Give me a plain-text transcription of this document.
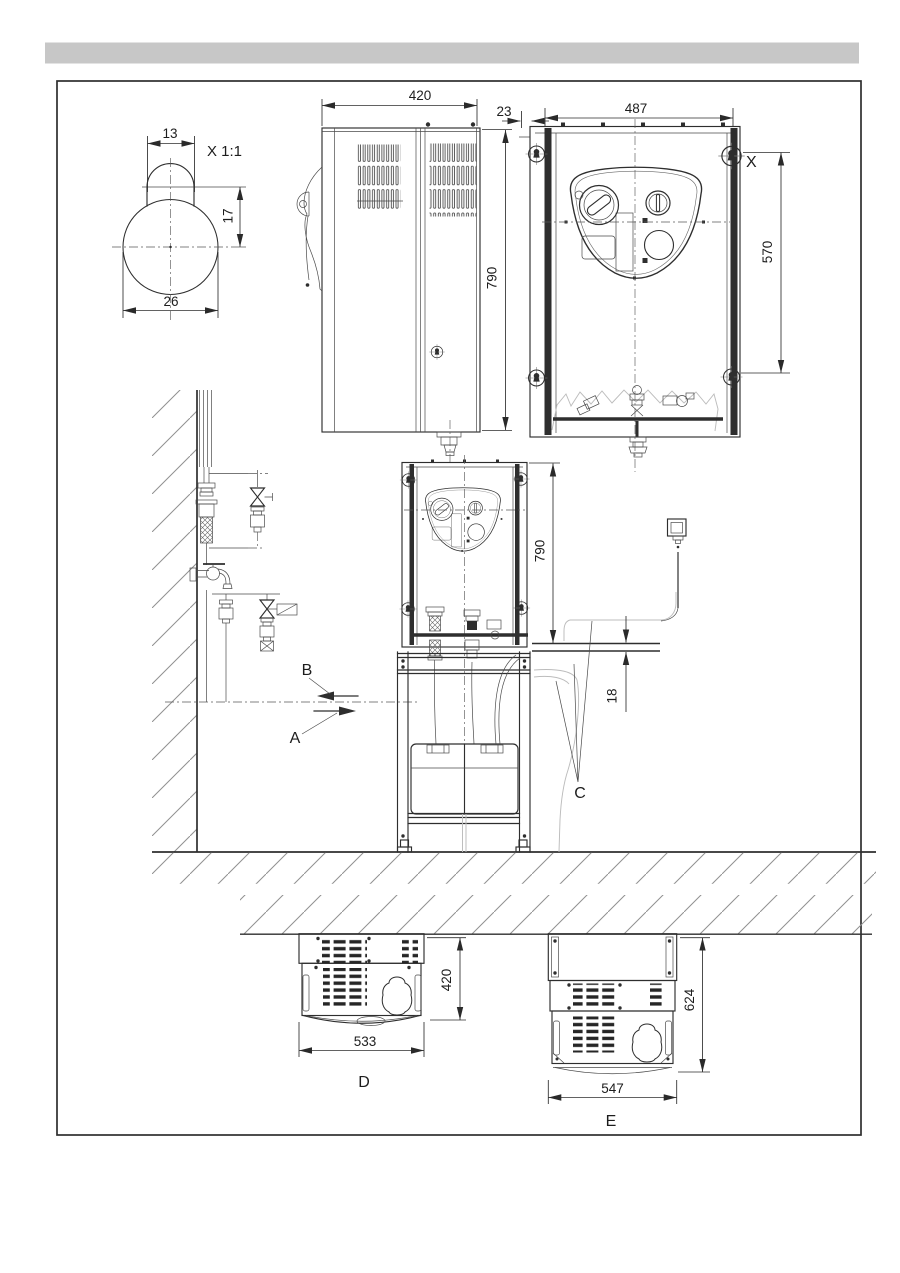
13
X 1:1
17
26
420
23
790
X
487
570
B
A
790
C
18
420
533
D
624
547
E
